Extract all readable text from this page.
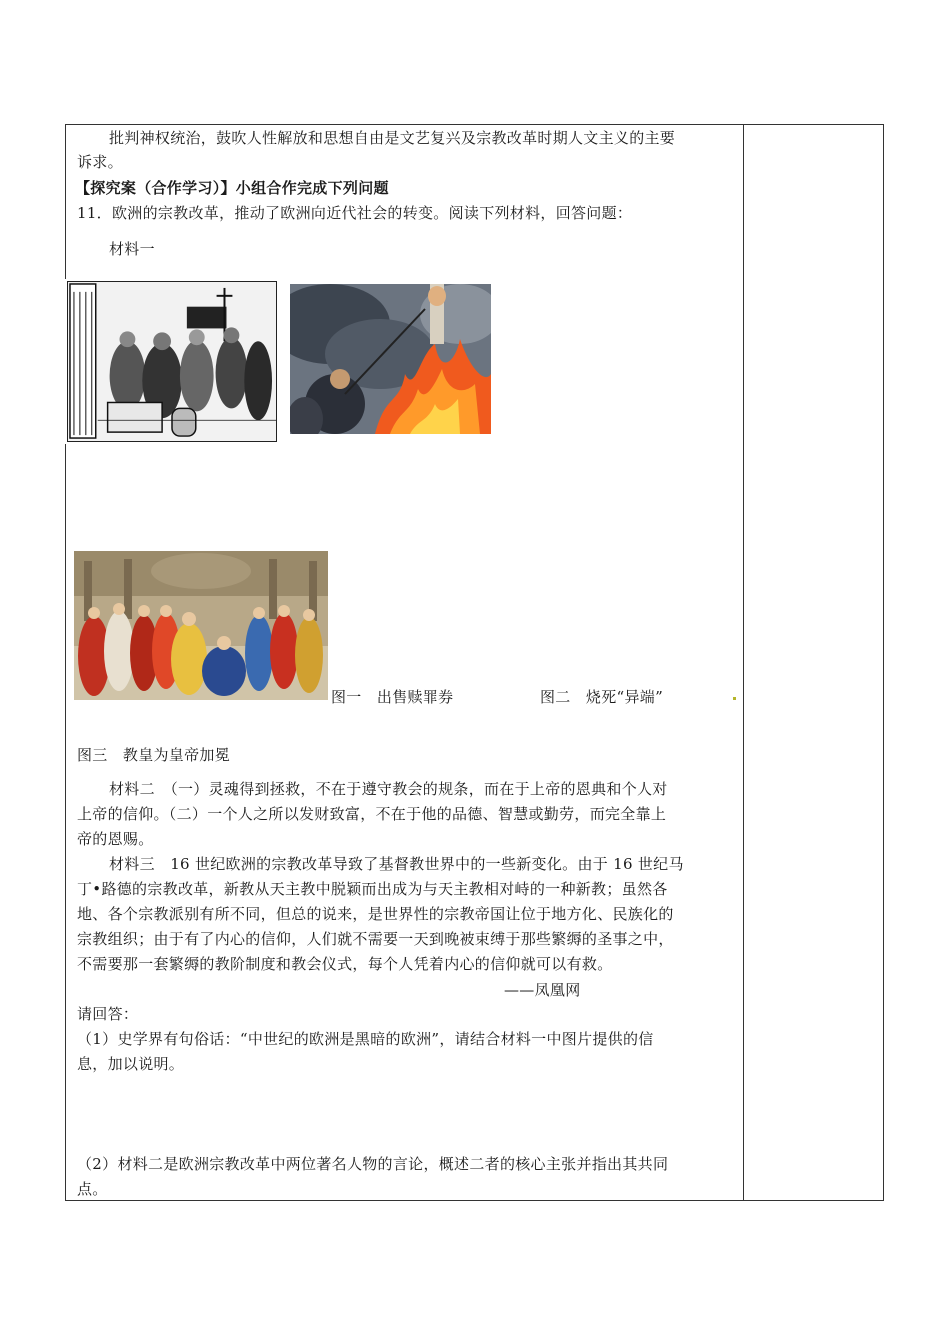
批判神权统治，鼓吹人性解放和思想自由是文艺复兴及宗教改革时期人文主义的主要
诉求。
【探究案（合作学习）】小组合作完成下列问题
11．欧洲的宗教改革，推动了欧洲向近代社会的转变。阅读下列材料，回答问题：
材料一
图一　出售赎罪券	图二　烧死“异端”
图三　教皇为皇帝加冕
材料二　（一）灵魂得到拯救，不在于遵守教会的规条，而在于上帝的恩典和个人对
上帝的信仰。（二）一个人之所以发财致富，不在于他的品德、智慧或勤劳，而完全靠上
帝的恩赐。
材料三　16 世纪欧洲的宗教改革导致了基督教世界中的一些新变化。由于 16 世纪马
丁•路德的宗教改革，新教从天主教中脱颖而出成为与天主教相对峙的一种新教；虽然各
地、各个宗教派别有所不同，但总的说来，是世界性的宗教帝国让位于地方化、民族化的
宗教组织；由于有了内心的信仰，人们就不需要一天到晚被束缚于那些繁缛的圣事之中，
不需要那一套繁缛的教阶制度和教会仪式，每个人凭着内心的信仰就可以有救。
——凤凰网
请回答：
（1）史学界有句俗话：“中世纪的欧洲是黑暗的欧洲”，请结合材料一中图片提供的信
息，加以说明。
（2）材料二是欧洲宗教改革中两位著名人物的言论，概述二者的核心主张并指出其共同
点。
